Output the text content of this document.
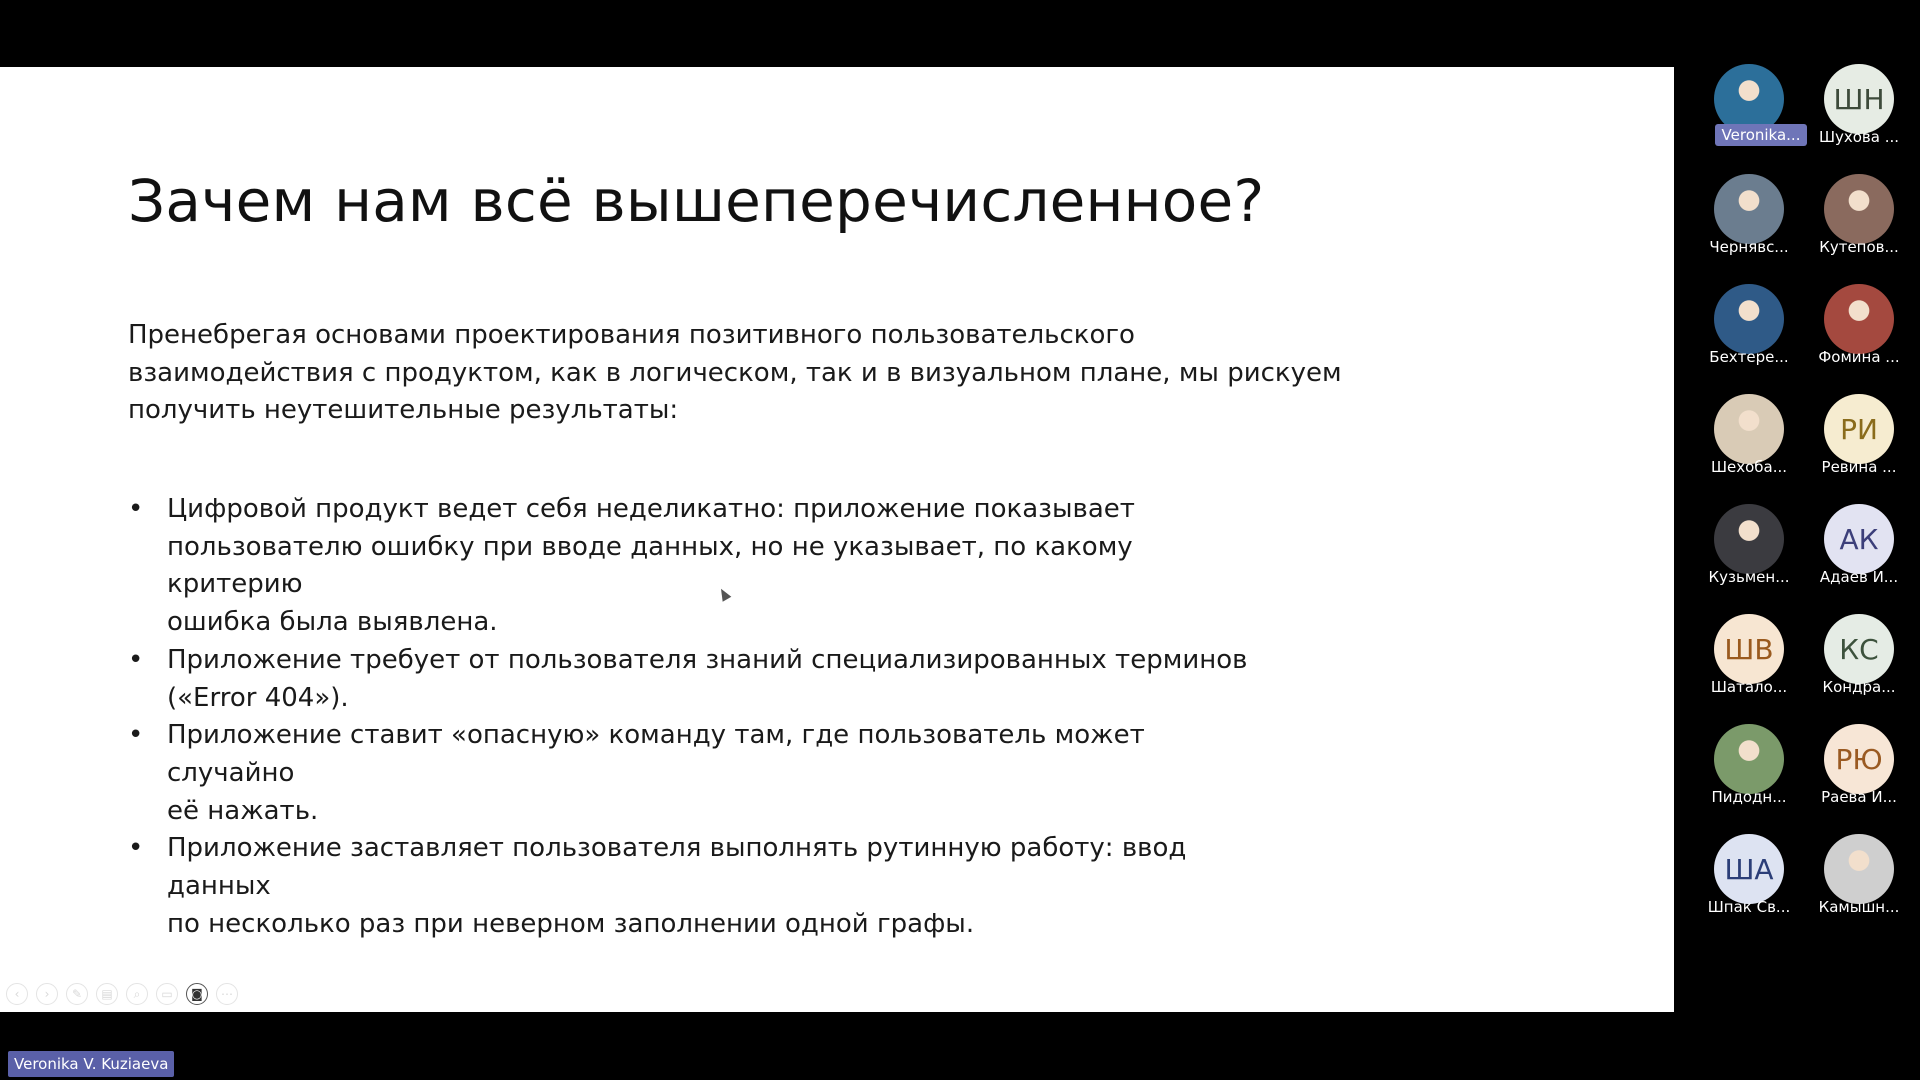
Зачем нам всё вышеперечисленное?

Пренебрегая основами проектирования позитивного пользовательского
взаимодействия с продуктом, как в логическом, так и в визуальном плане, мы рискуем
получить неутешительные результаты:

• Цифровой продукт ведет себя неделикатно: приложение показывает
пользователю ошибку при вводе данных, но не указывает, по какому критерию
ошибка была выявлена.
• Приложение требует от пользователя знаний специализированных терминов
(«Error 404»).
• Приложение ставит «опасную» команду там, где пользователь может случайно
её нажать.
• Приложение заставляет пользователя выполнять рутинную работу: ввод данных
по несколько раз при неверном заполнении одной графы.
‹	›	✎	▤	⌕	▭	◙	⋯
Veronika...
ШН
Шухова ...
Чернявс...	Кутепов...
Бехтере...	Фомина ...
Шехоба...
РИ
Ревина ...
Кузьмен...
АК
Адаев И...
ШВ
Шатало...
КС
Кондра...
Пидодн...
РЮ
Раева И...
ША
Шпак Св...	Камышн...
Veronika V. Kuziaeva
